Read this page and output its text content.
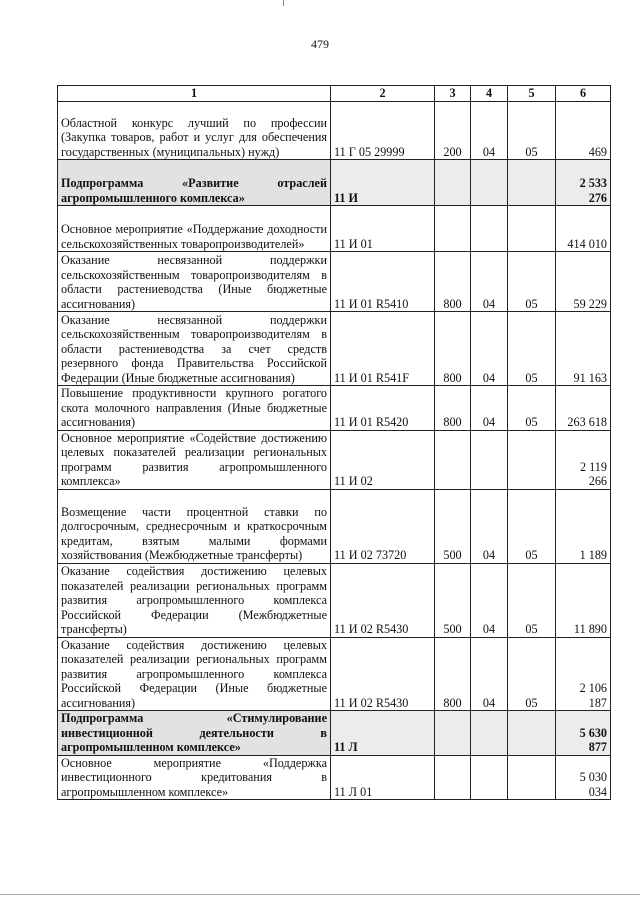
479
1	2	3	4	5	6
Областной конкурс лучший по профессии (Закупка товаров, работ и услуг для обеспечения государственных (муниципальных) нужд)	11 Г 05 29999	200	04	05	469
Подпрограмма «Развитие отраслей агропромышленного комплекса»	11 И				2 533 276
Основное мероприятие «Поддержание доходности сельскохозяйственных товаропроизводителей»	11 И 01				414 010
Оказание несвязанной поддержки сельскохозяйственным товаропроизводителям в области растениеводства (Иные бюджетные ассигнования)	11 И 01 R5410	800	04	05	59 229
Оказание несвязанной поддержки сельскохозяйственным товаропроизводителям в области растениеводства за счет средств резервного фонда Правительства Российской Федерации (Иные бюджетные ассигнования)	11 И 01 R541F	800	04	05	91 163
Повышение продуктивности крупного рогатого скота молочного направления (Иные бюджетные ассигнования)	11 И 01 R5420	800	04	05	263 618
Основное мероприятие «Содействие достижению целевых показателей реализации региональных программ развития агропромышленного комплекса»	11 И 02				2 119 266
Возмещение части процентной ставки по долгосрочным, среднесрочным и краткосрочным кредитам, взятым малыми формами хозяйствования (Межбюджетные трансферты)	11 И 02 73720	500	04	05	1 189
Оказание содействия достижению целевых показателей реализации региональных программ развития агропромышленного комплекса Российской Федерации (Межбюджетные трансферты)	11 И 02 R5430	500	04	05	11 890
Оказание содействия достижению целевых показателей реализации региональных программ развития агропромышленного комплекса Российской Федерации (Иные бюджетные ассигнования)	11 И 02 R5430	800	04	05	2 106 187
Подпрограмма «Стимулирование инвестиционной деятельности в агропромышленном комплексе»	11 Л				5 630 877
Основное мероприятие «Поддержка инвестиционного кредитования в агропромышленном комплексе»	11 Л 01				5 030 034
